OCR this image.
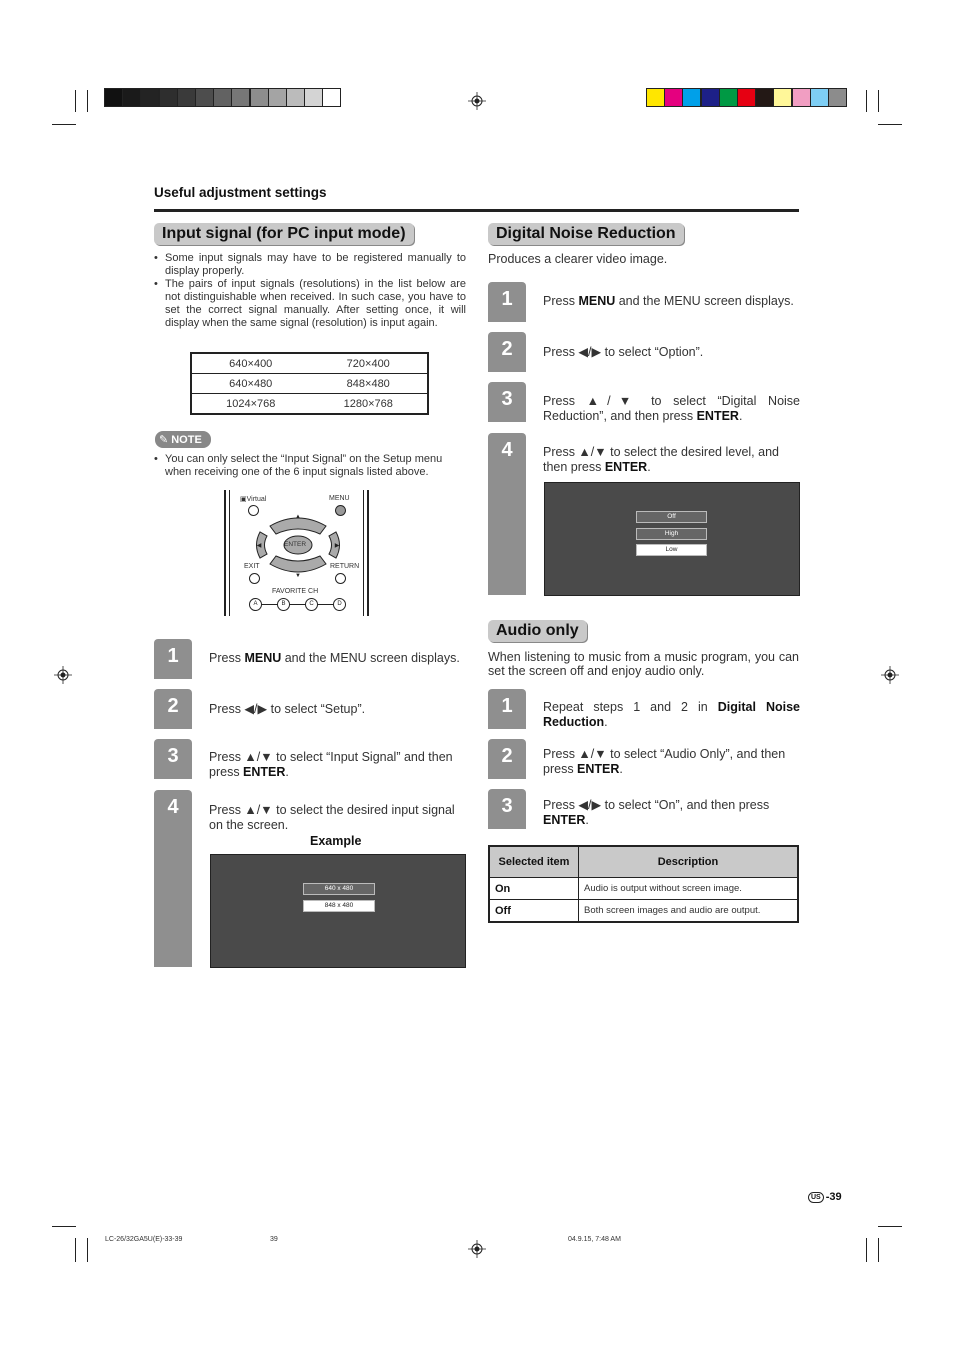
Useful adjustment settings
Input signal (for PC input mode)
• Some input signals may have to be registered manually to display properly.
• The pairs of input signals (resolutions) in the list below are not distinguishable when received. In such case, you have to set the correct signal manually. After setting once, it will display when the same signal (resolution) is input again.
640×400	720×400
640×480	848×480
1024×768	1280×768
✎ NOTE
• You can only select the “Input Signal” on the Setup menu when receiving one of the 6 input signals listed above.
▣Virtual	MENU
▲
▼
◀	▶
ENTER
EXIT	RETURN
FAVORITE CH
A	B	C	D
1	Press MENU and the MENU screen displays.
2	Press ◀/▶ to select “Setup”.
3	Press ▲/▼ to select “Input Signal” and then press ENTER.
4	Press ▲/▼ to select the desired input signal on the screen.
Example
640 x 480
848 x 480
Digital Noise Reduction
Produces a clearer video image.
1	Press MENU and the MENU screen displays.
2	Press ◀/▶ to select “Option”.
3	Press ▲/▼ to select “Digital Noise Reduction”, and then press ENTER.
4	Press ▲/▼ to select the desired level, and then press ENTER.
Off
High
Low
Audio only
When listening to music from a music program, you can set the screen off and enjoy audio only.
1	Repeat steps 1 and 2 in Digital Noise Reduction.
2	Press ▲/▼ to select “Audio Only”, and then press ENTER.
3	Press ◀/▶ to select “On”, and then press ENTER.
Selected item	Description
On	Audio is output without screen image.
Off	Both screen images and audio are output.
US -39
LC-26/32GA5U(E)-33-39	39	04.9.15, 7:48 AM
